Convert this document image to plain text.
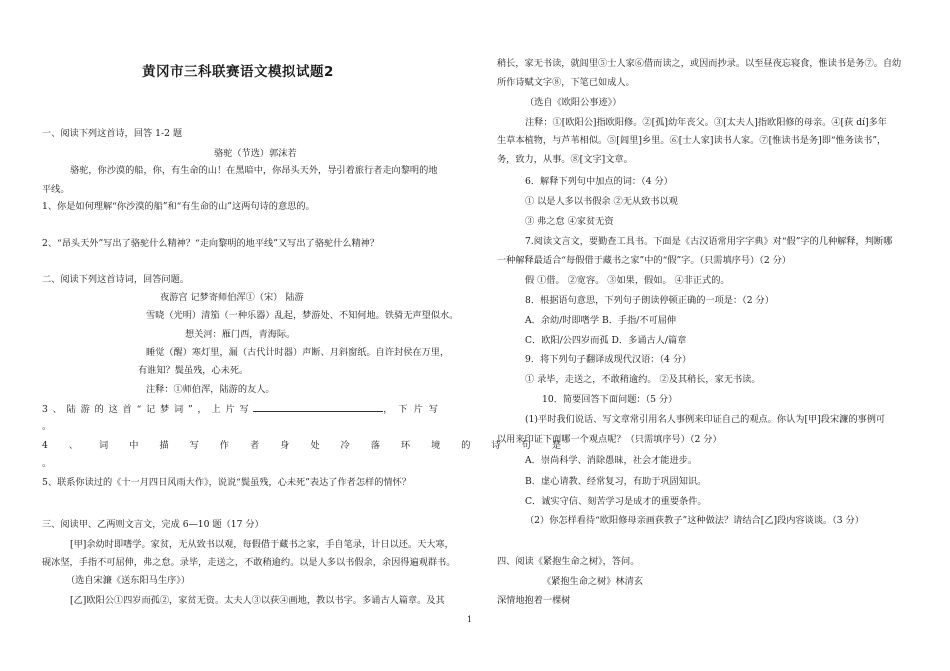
黄冈市三科联赛语文模拟试题2
一、阅读下列这首诗，回答 1-2 题
骆驼（节选）郭沫若
骆驼，你沙漠的船，你，有生命的山！在黑暗中，你昂头天外，导引着旅行者走向黎明的地
平线。
1、你是如何理解“你沙漠的船”和“有生命的山”这两句诗的意思的。
2、“昂头天外”写出了骆驼什么精神？“走向黎明的地平线”又写出了骆驼什么精神？
二、阅读下列这首诗词，回答问题。
夜游宫 记梦寄师伯浑①（宋） 陆游
雪晓（光明）清笳（一种乐器）乱起，梦游处、不知何地。铁骑无声望似水。
想关河：雁门西，青海际。
睡觉（醒）寒灯里，漏（古代计时器）声断、月斜窗纸。自许封侯在万里，
有谁知？鬓虽残，心未死。
注释：①师伯浑，陆游的友人。
3、陆游的这首“记梦词”，上片写	，下片写
。
4、词中描写作者身处冷落环境的诗句是
。
5、联系你读过的《十一月四日风雨大作》，说说“鬓虽残，心未死”表达了作者怎样的情怀？
三、阅读甲、乙两则文言文，完成 6—10 题（17 分）
[甲]余幼时即嗜学。家贫，无从致书以观，每假借于藏书之家，手自笔录，计日以还。天大寒，
砚冰坚，手指不可屈伸，弗之怠。录毕，走送之，不敢稍逾约。以是人多以书假余，余因得遍观群书。
（选自宋濂《送东阳马生序》）
[乙]欧阳公①四岁而孤②，家贫无资。太夫人③以荻④画地，教以书字。多诵古人篇章。及其
稍长，家无书读，就闾里⑤士人家⑥借而读之，或因而抄录。以至昼夜忘寝食，惟读书是务⑦。自幼
所作诗赋文字⑧，下笔已如成人。
（选自《欧阳公事迹》）
注释：①[欧阳公]指欧阳修。②[孤]幼年丧父。③[太夫人]指欧阳修的母亲。④[荻 dí]多年
生草本植物，与芦苇相似。⑤[闾里]乡里。⑥[士人家]读书人家。⑦[惟读书是务]即“惟务读书”，
务，致力，从事。⑧[文字]文章。
6．解释下列句中加点的词：（4 分）
① 以是人多以书假余 ②无从致书以观
③ 弗之怠 ④家贫无资
7.阅读文言文，要勤查工具书。下面是《古汉语常用字字典》对“假”字的几种解释，判断哪
一种解释最适合“每假借于藏书之家”中的“假”字。（只需填序号）（2 分）
假 ①借。 ②宽容。 ③如果，假如。 ④非正式的。
8．根据语句意思，下列句子朗读停顿正确的一项是：（2 分）
A．余幼/时即嗜学 B．手指/不可屈伸
C．欧阳/公四岁而孤 D．多诵古人/篇章
9．将下列句子翻译成现代汉语：（4 分）
① 录毕，走送之，不敢稍逾约。 ②及其稍长，家无书读。
10．简要回答下面问题：（5 分）
(1)平时我们说话、写文章常引用名人事例来印证自己的观点。你认为[甲]段宋濂的事例可
以用来印证下面哪一个观点呢？（只需填序号）（2 分）
A．崇尚科学、消除愚昧，社会才能进步。
B．虚心请教、经常复习，有助于巩固知识。
C．诚实守信、刻苦学习是成才的重要条件。
（2）你怎样看待“欧阳修母亲画荻教子”这种做法？请结合[乙]段内容谈谈。（3 分）
四、阅读《紧抱生命之树》，答问。
《紧抱生命之树》林清玄
深情地抱着一棵树
1
